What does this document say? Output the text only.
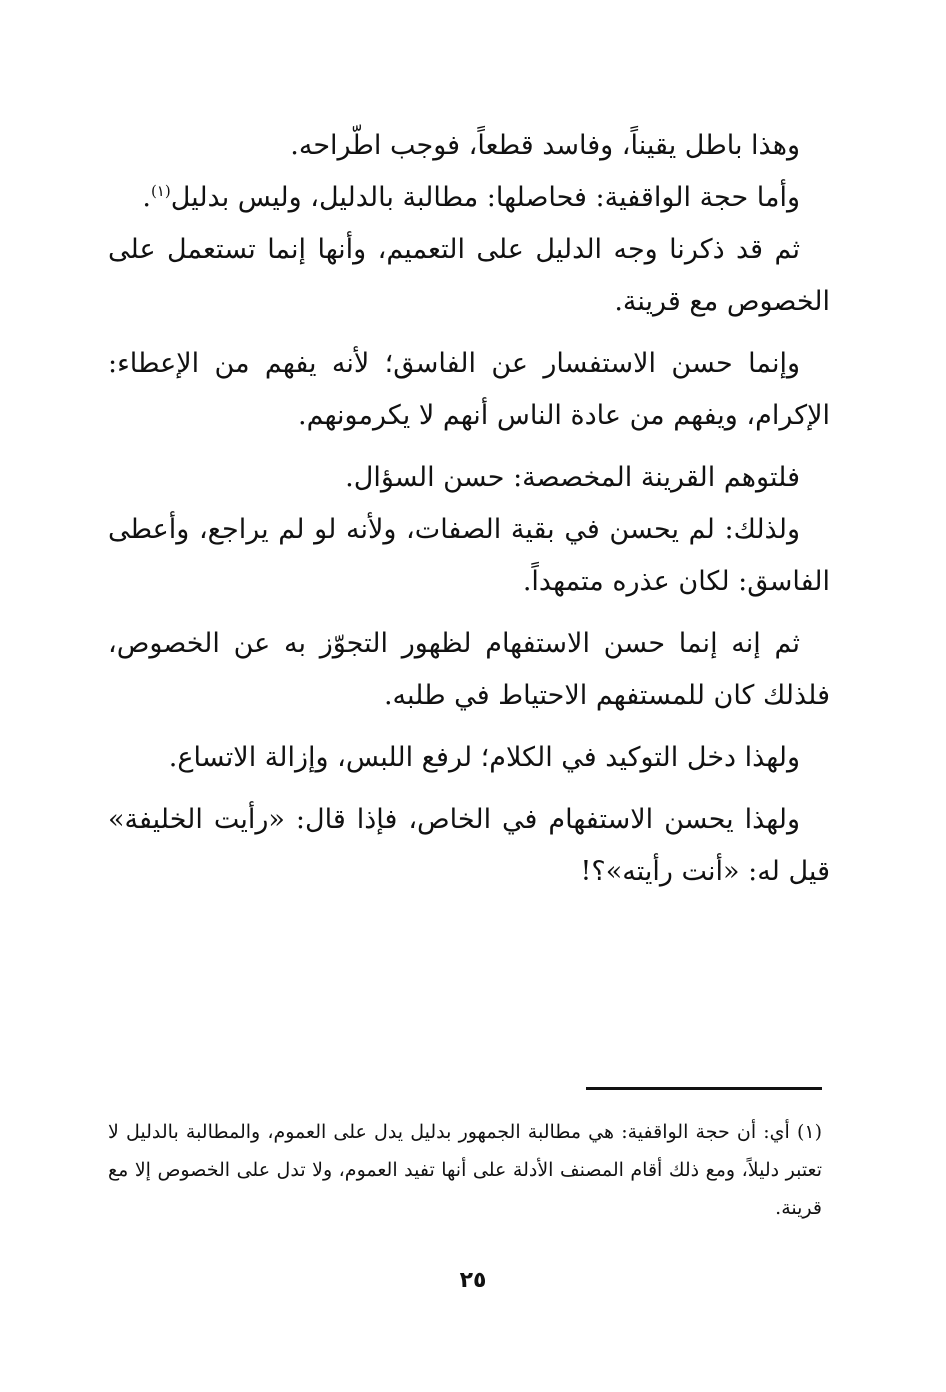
وهذا باطل يقيناً، وفاسد قطعاً، فوجب اطّراحه.

وأما حجة الواقفية: فحاصلها: مطالبة بالدليل، وليس بدليل$^{(١)}$.

ثم قد ذكرنا وجه الدليل على التعميم، وأنها إنما تستعمل على الخصوص مع قرينة.

وإنما حسن الاستفسار عن الفاسق؛ لأنه يفهم من الإعطاء: الإكرام، ويفهم من عادة الناس أنهم لا يكرمونهم.

فلتوهم القرينة المخصصة: حسن السؤال.

ولذلك: لم يحسن في بقية الصفات، ولأنه لو لم يراجع، وأعطى الفاسق: لكان عذره متمهداً.

ثم إنه إنما حسن الاستفهام لظهور التجوّز به عن الخصوص، فلذلك كان للمستفهم الاحتياط في طلبه.

ولهذا دخل التوكيد في الكلام؛ لرفع اللبس، وإزالة الاتساع.

ولهذا يحسن الاستفهام في الخاص، فإذا قال: «رأيت الخليفة» قيل له: «أنت رأيته»؟!

(١) أي: أن حجة الواقفية: هي مطالبة الجمهور بدليل يدل على العموم، والمطالبة بالدليل لا تعتبر دليلاً، ومع ذلك أقام المصنف الأدلة على أنها تفيد العموم، ولا تدل على الخصوص إلا مع قرينة.

٢٥
